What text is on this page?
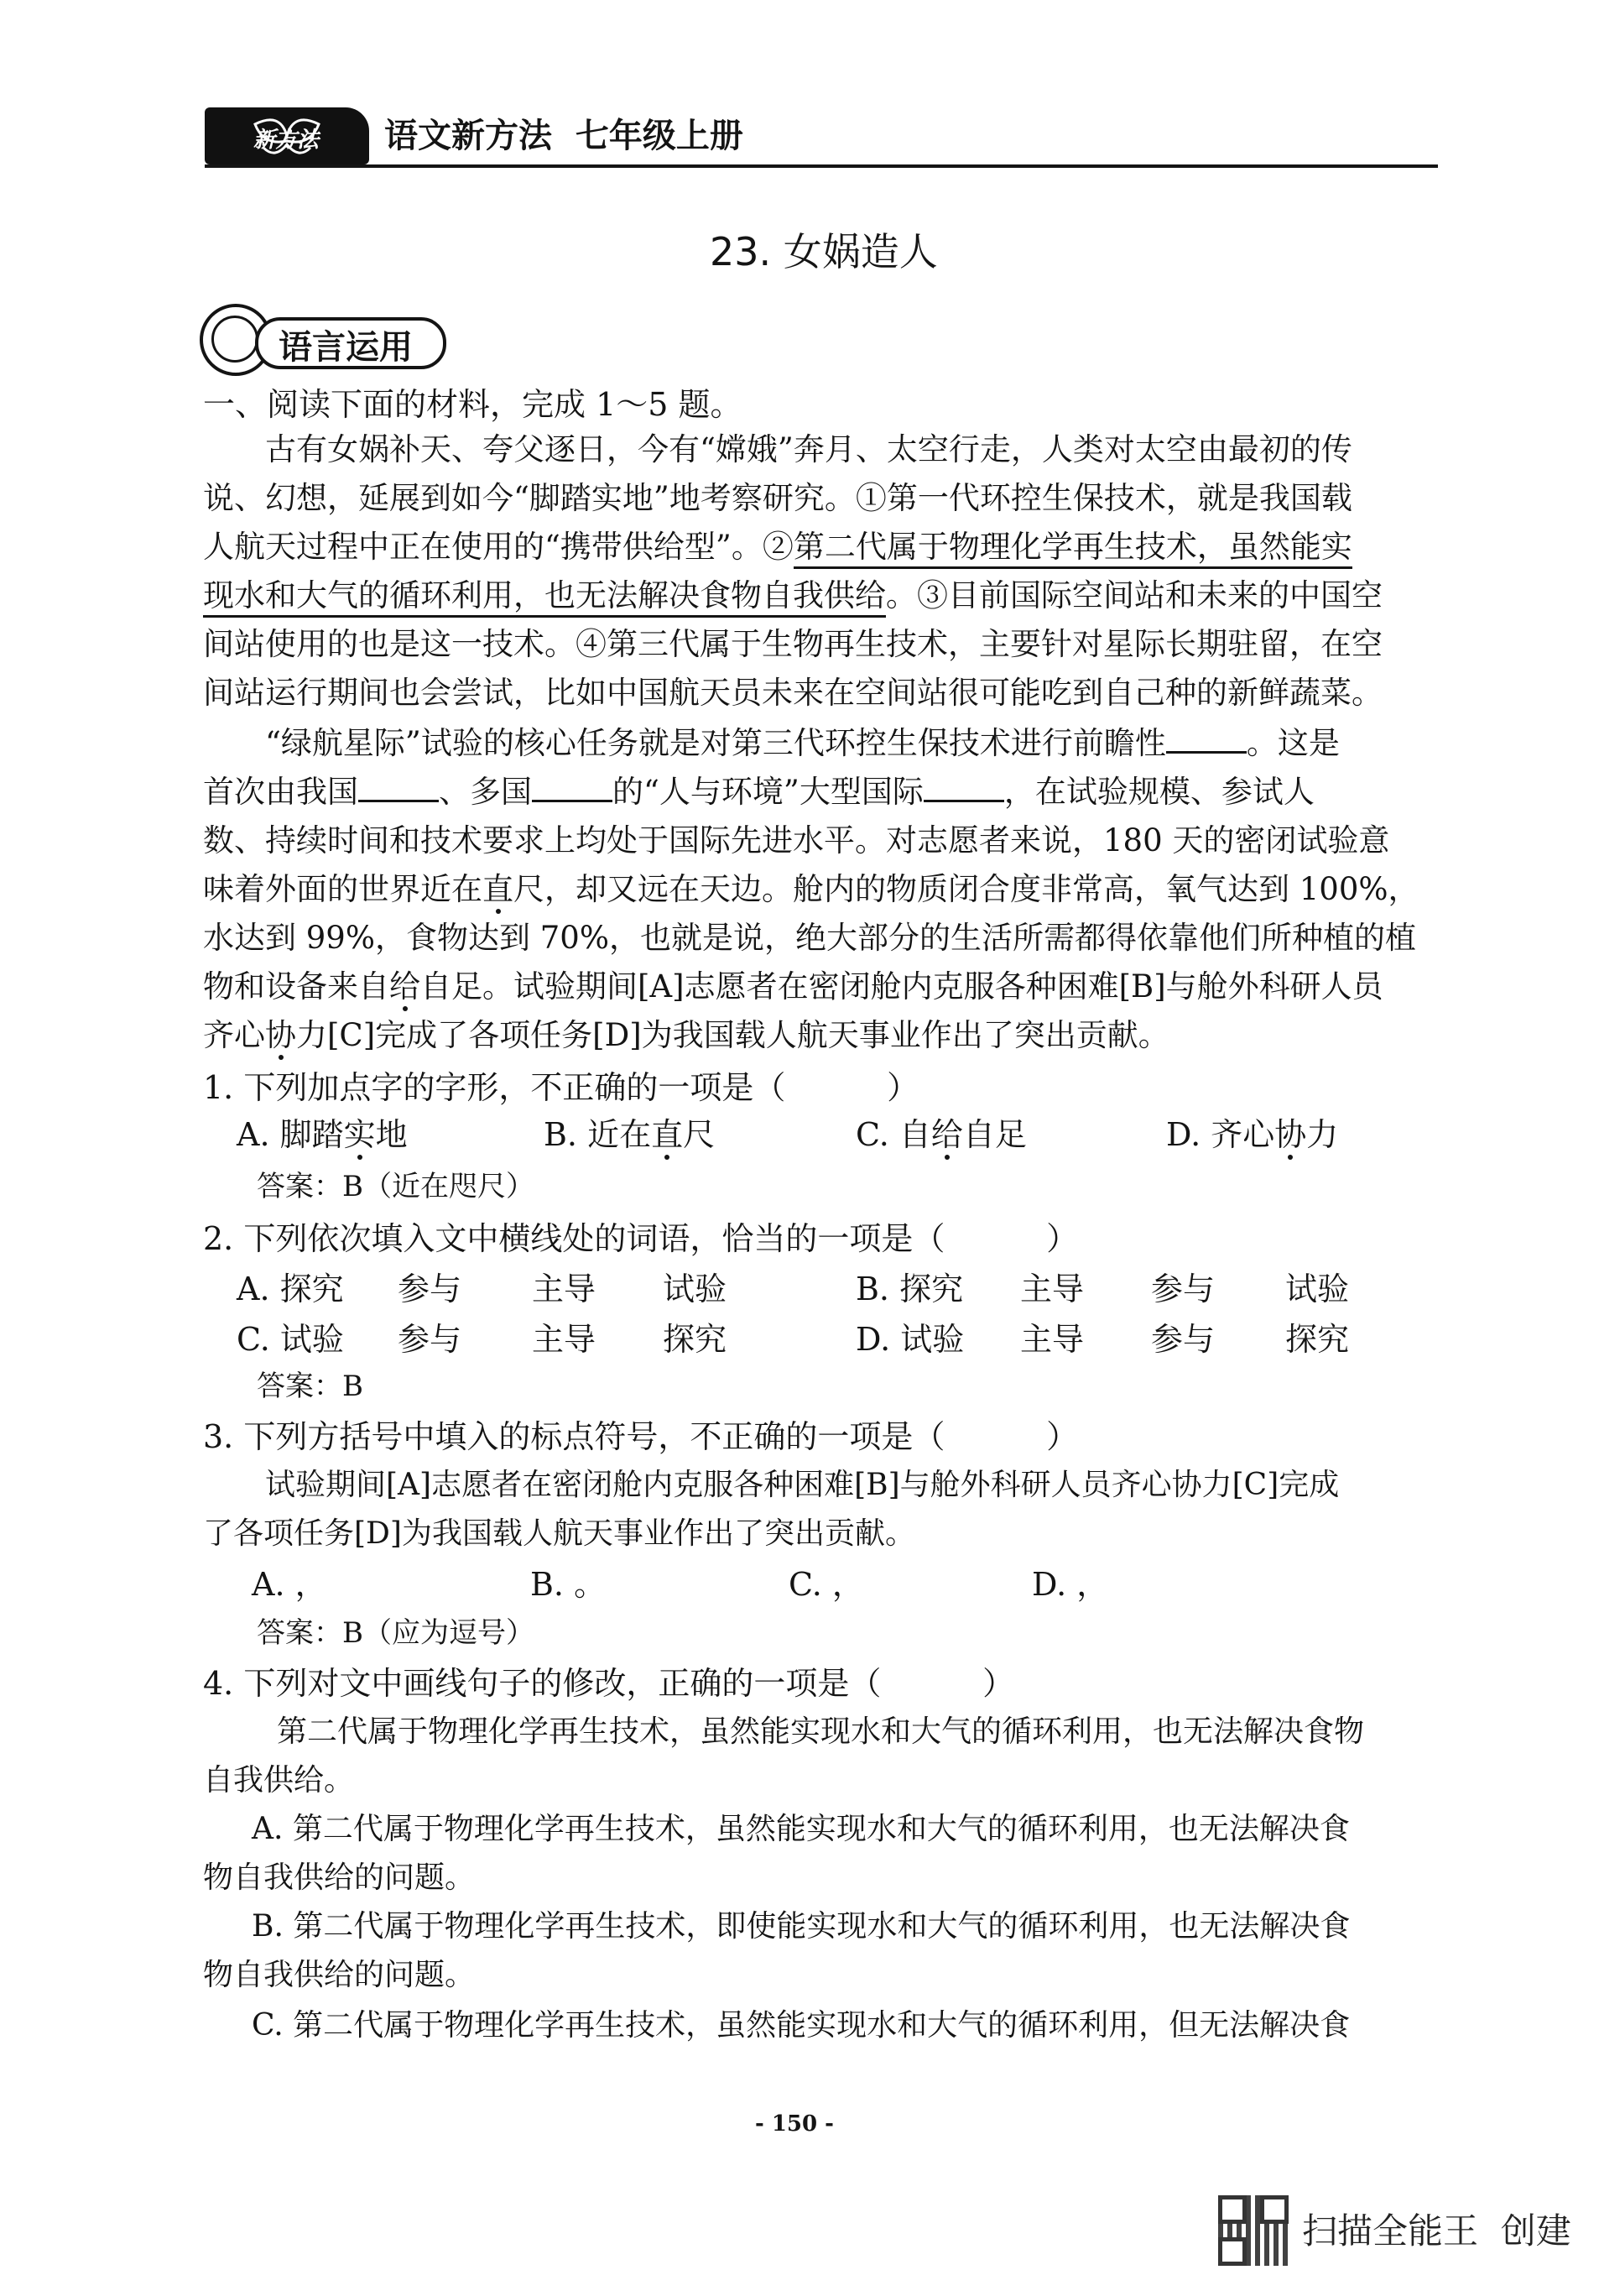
新方法 语文新方法  七年级上册
23. 女娲造人
语言运用
一、阅读下面的材料，完成 1～5 题。
古有女娲补天、夸父逐日，今有“嫦娥”奔月、太空行走，人类对太空由最初的传
说、幻想，延展到如今“脚踏实地”地考察研究。①第一代环控生保技术，就是我国载
人航天过程中正在使用的“携带供给型”。②第二代属于物理化学再生技术，虽然能实
现水和大气的循环利用，也无法解决食物自我供给。③目前国际空间站和未来的中国空
间站使用的也是这一技术。④第三代属于生物再生技术，主要针对星际长期驻留，在空
间站运行期间也会尝试，比如中国航天员未来在空间站很可能吃到自己种的新鲜蔬菜。
“绿航星际”试验的核心任务就是对第三代环控生保技术进行前瞻性	。这是
首次由我国	、多国	的“人与环境”大型国际	，在试验规模、参试人
数、持续时间和技术要求上均处于国际先进水平。对志愿者来说，180 天的密闭试验意
味着外面的世界近在直尺，却又远在天边。舱内的物质闭合度非常高，氧气达到 100%，
水达到 99%，食物达到 70%，也就是说，绝大部分的生活所需都得依靠他们所种植的植
物和设备来自给自足。试验期间[A]志愿者在密闭舱内克服各种困难[B]与舱外科研人员
齐心协力[C]完成了各项任务[D]为我国载人航天事业作出了突出贡献。
1. 下列加点字的字形，不正确的一项是（          ）
A. 脚踏实地	B. 近在直尺	C. 自给自足	D. 齐心协力
答案：B（近在咫尺）
2. 下列依次填入文中横线处的词语，恰当的一项是（          ）
A. 探究 参与 主导 试验	B. 探究 主导 参与 试验
C. 试验 参与 主导 探究	D. 试验 主导 参与 探究
答案：B
3. 下列方括号中填入的标点符号，不正确的一项是（          ）
试验期间[A]志愿者在密闭舱内克服各种困难[B]与舱外科研人员齐心协力[C]完成
了各项任务[D]为我国载人航天事业作出了突出贡献。
A. ，	B. 。	C. ，	D. ，
答案：B（应为逗号）
4. 下列对文中画线句子的修改，正确的一项是（          ）
第二代属于物理化学再生技术，虽然能实现水和大气的循环利用，也无法解决食物
自我供给。
A. 第二代属于物理化学再生技术，虽然能实现水和大气的循环利用，也无法解决食
物自我供给的问题。
B. 第二代属于物理化学再生技术，即使能实现水和大气的循环利用，也无法解决食
物自我供给的问题。
C. 第二代属于物理化学再生技术，虽然能实现水和大气的循环利用，但无法解决食
- 150 -
扫描全能王  创建
